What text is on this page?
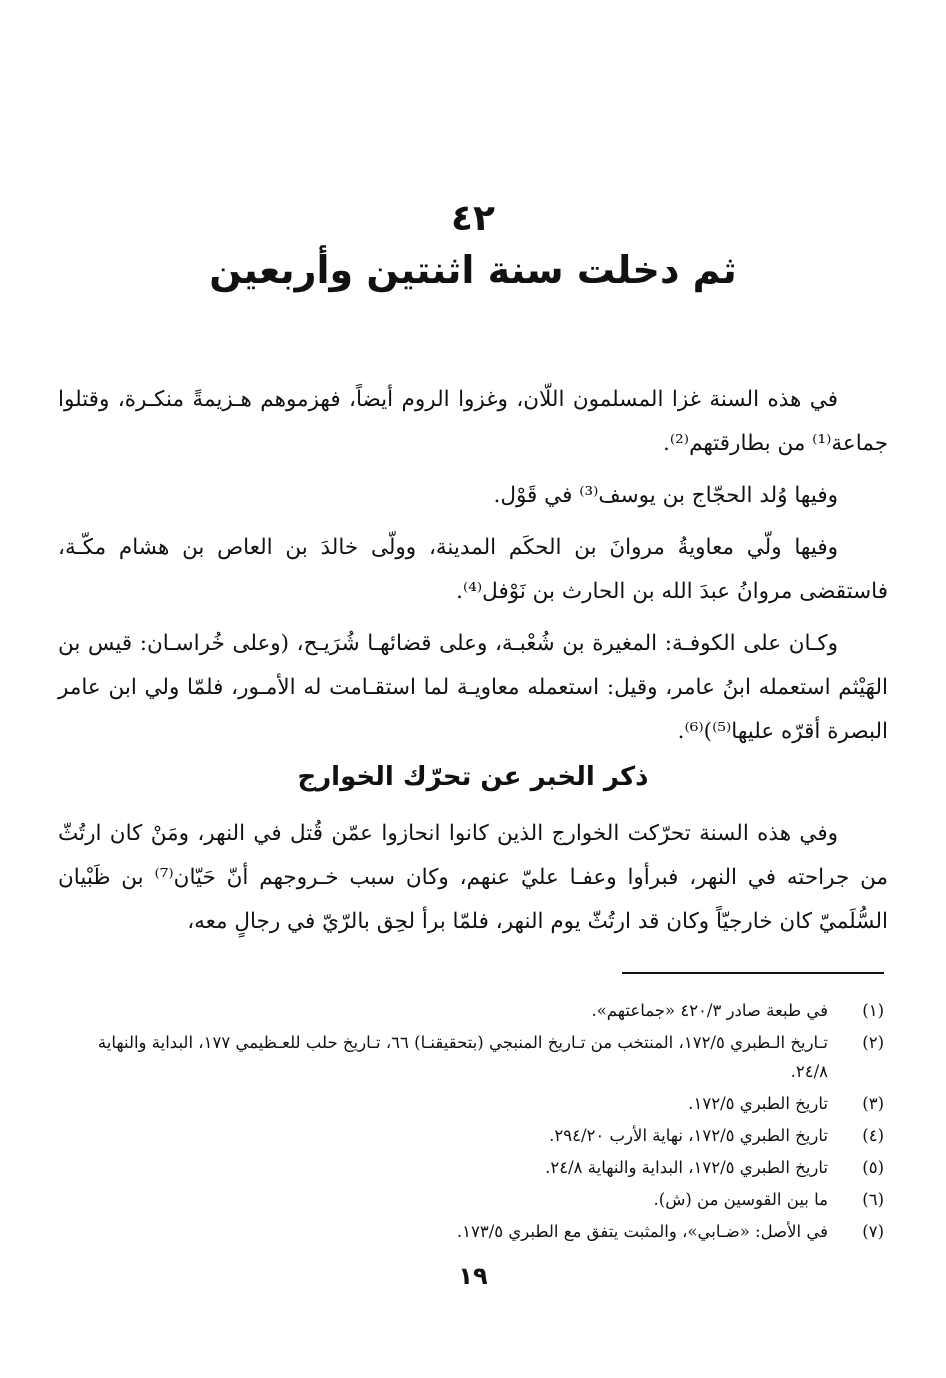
٤٢
ثم دخلت سنة اثنتين وأربعين

في هذه السنة غزا المسلمون اللّان، وغزوا الروم أيضاً، فهزموهم هـزيمةً منكـرة، وقتلوا جماعة⁽¹⁾ من بطارقتهم⁽²⁾.

وفيها وُلد الحجّاج بن يوسف⁽³⁾ في قَوْل.

وفيها ولّي معاويةُ مروانَ بن الحكَم المدينة، وولّى خالدَ بن العاص بن هشام مكّـة، فاستقضى مروانُ عبدَ الله بن الحارث بن نَوْفل⁽⁴⁾.

وكـان على الكوفـة: المغيرة بن شُعْبـة، وعلى قضائهـا شُرَيـح، (وعلى خُراسـان: قيس بن الهَيْثم استعمله ابنُ عامر، وقيل: استعمله معاويـة لما استقـامت له الأمـور، فلمّا ولي ابن عامر البصرة أقرّه عليها⁽⁵⁾)⁽⁶⁾.

ذكر الخبر عن تحرّك الخوارج

وفي هذه السنة تحرّكت الخوارج الذين كانوا انحازوا عمّن قُتل في النهر، ومَنْ كان ارتُثّ من جراحته في النهر، فبرأوا وعفـا عليّ عنهم، وكان سبب خـروجهم أنّ حَيّان⁽⁷⁾ بن ظَبْيان السُّلَميّ كان خارجيّاً وكان قد ارتُثّ يوم النهر، فلمّا برأ لحِق بالرّيّ في رجالٍ معه،

(١)
في طبعة صادر ٤٢٠/٣ «جماعتهم».
(٢)
تـاريخ الـطبري ١٧٢/٥، المنتخب من تـاريخ المنبجي (بتحقيقنـا) ٦٦، تـاريخ حلب للعـظيمي ١٧٧، البداية والنهاية ٢٤/٨.
(٣)
تاريخ الطبري ١٧٢/٥.
(٤)
تاريخ الطبري ١٧٢/٥، نهاية الأرب ٢٩٤/٢٠.
(٥)
تاريخ الطبري ١٧٢/٥، البداية والنهاية ٢٤/٨.
(٦)
ما بين القوسين من (ش).
(٧)
في الأصل: «ضـابي»، والمثبت يتفق مع الطبري ١٧٣/٥.
١٩
